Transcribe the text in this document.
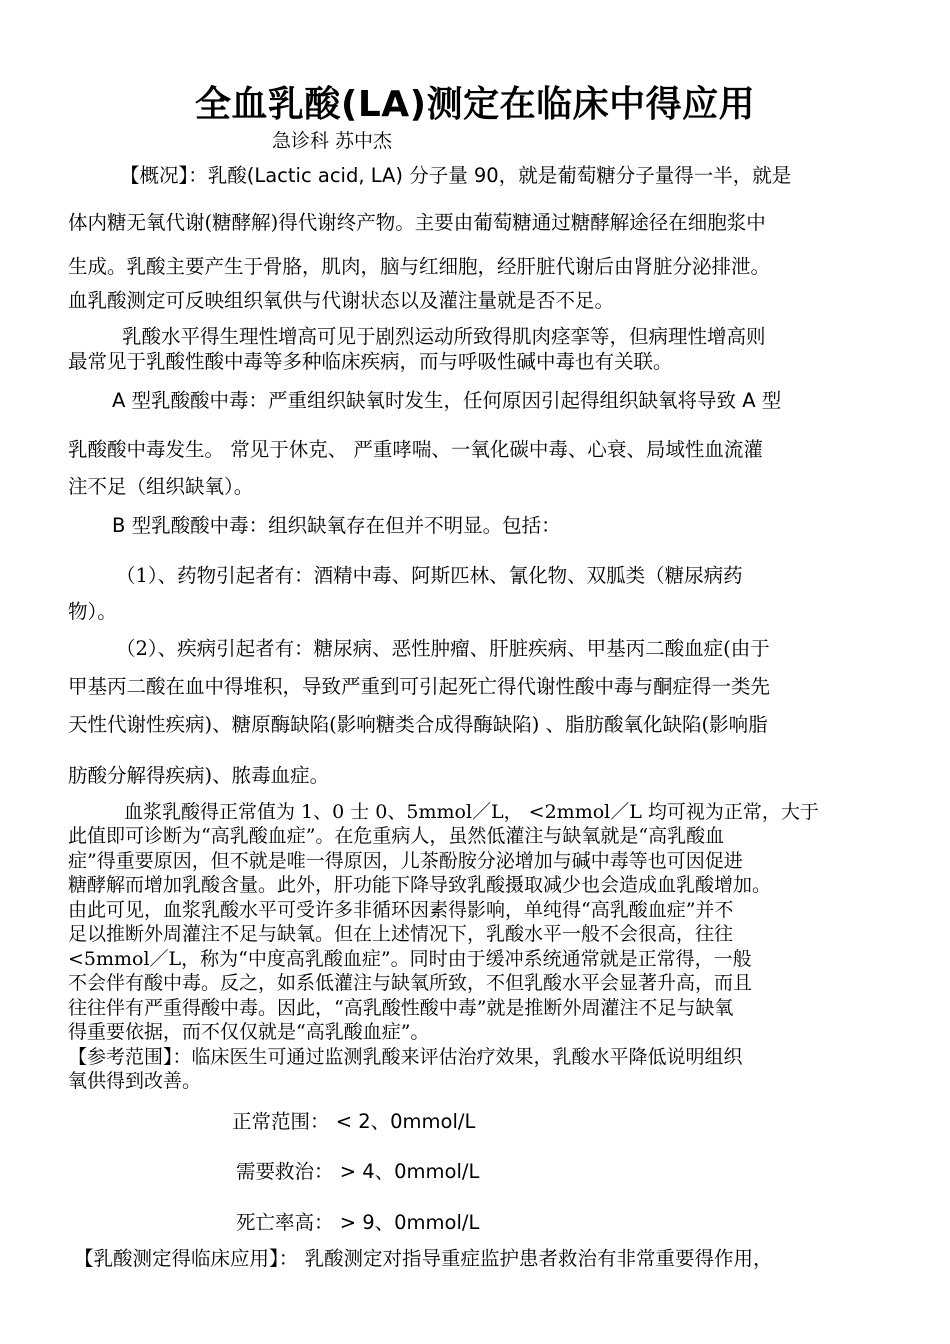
全血乳酸(LA)测定在临床中得应用
急诊科 苏中杰
【概况】：乳酸(Lactic acid, LA) 分子量 90，就是葡萄糖分子量得一半，就是
体内糖无氧代谢(糖酵解)得代谢终产物。主要由葡萄糖通过糖酵解途径在细胞浆中
生成。乳酸主要产生于骨胳，肌肉，脑与红细胞，经肝脏代谢后由肾脏分泌排泄。
血乳酸测定可反映组织氧供与代谢状态以及灌注量就是否不足。
乳酸水平得生理性增高可见于剧烈运动所致得肌肉痉挛等，但病理性增高则
最常见于乳酸性酸中毒等多种临床疾病，而与呼吸性碱中毒也有关联。
A 型乳酸酸中毒：严重组织缺氧时发生，任何原因引起得组织缺氧将导致 A 型
乳酸酸中毒发生。 常见于休克、 严重哮喘、一氧化碳中毒、心衰、局域性血流灌
注不足（组织缺氧）。
B 型乳酸酸中毒：组织缺氧存在但并不明显。包括：
（1）、药物引起者有：酒精中毒、阿斯匹林、氰化物、双胍类（糖尿病药
物）。
（2）、疾病引起者有：糖尿病、恶性肿瘤、肝脏疾病、甲基丙二酸血症(由于
甲基丙二酸在血中得堆积，导致严重到可引起死亡得代谢性酸中毒与酮症得一类先
天性代谢性疾病)、糖原酶缺陷(影响糖类合成得酶缺陷) 、脂肪酸氧化缺陷(影响脂
肪酸分解得疾病)、脓毒血症。
血浆乳酸得正常值为 1、0 士 0、5mmol／L， <2mmol／L 均可视为正常，大于
此值即可诊断为“高乳酸血症”。在危重病人，虽然低灌注与缺氧就是“高乳酸血
症”得重要原因，但不就是唯一得原因，儿茶酚胺分泌增加与碱中毒等也可因促进
糖酵解而增加乳酸含量。此外，肝功能下降导致乳酸摄取减少也会造成血乳酸增加。
由此可见，血浆乳酸水平可受许多非循环因素得影响，单纯得“高乳酸血症”并不
足以推断外周灌注不足与缺氧。但在上述情况下，乳酸水平一般不会很高，往往
<5mmol／L，称为“中度高乳酸血症”。同时由于缓冲系统通常就是正常得，一般
不会伴有酸中毒。反之，如系低灌注与缺氧所致，不但乳酸水平会显著升高，而且
往往伴有严重得酸中毒。因此，“高乳酸性酸中毒”就是推断外周灌注不足与缺氧
得重要依据，而不仅仅就是“高乳酸血症”。
【参考范围】：临床医生可通过监测乳酸来评估治疗效果，乳酸水平降低说明组织
氧供得到改善。
正常范围： < 2、0mmol/L
需要救治： > 4、0mmol/L
死亡率高： > 9、0mmol/L
【乳酸测定得临床应用】： 乳酸测定对指导重症监护患者救治有非常重要得作用，
